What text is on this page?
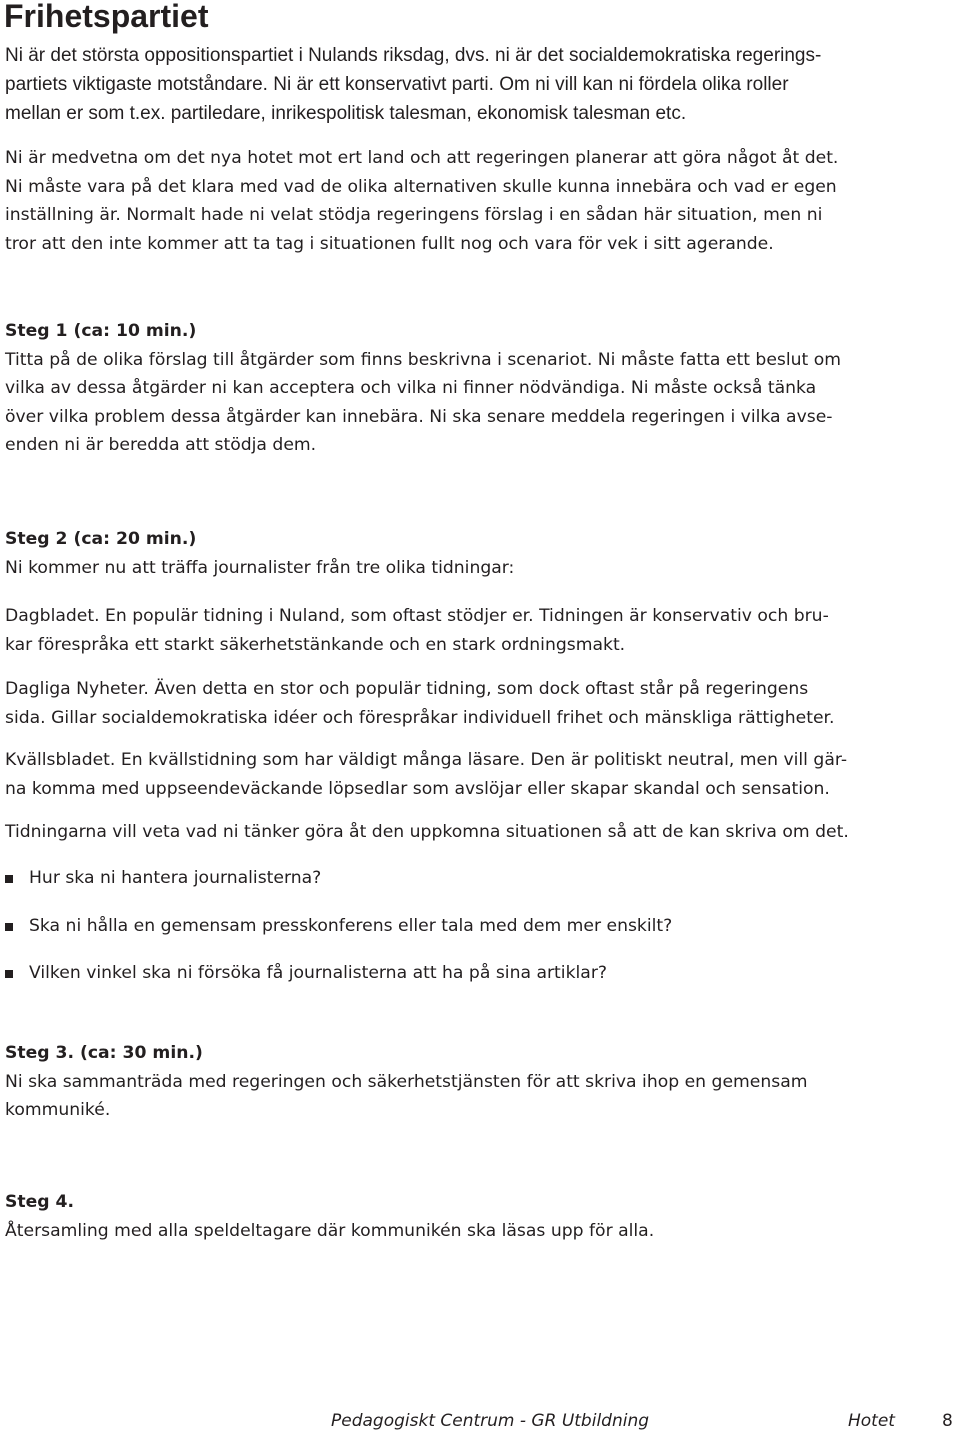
Frihetspartiet

Ni är det största oppositionspartiet i Nulands riksdag, dvs. ni är det socialdemokratiska regerings-
partiets viktigaste motståndare. Ni är ett konservativt parti. Om ni vill kan ni fördela olika roller
mellan er som t.ex. partiledare, inrikespolitisk talesman, ekonomisk talesman etc.

Ni är medvetna om det nya hotet mot ert land och att regeringen planerar att göra något åt det.
Ni måste vara på det klara med vad de olika alternativen skulle kunna innebära och vad er egen
inställning är. Normalt hade ni velat stödja regeringens förslag i en sådan här situation, men ni
tror att den inte kommer att ta tag i situationen fullt nog och vara för vek i sitt agerande.

Steg 1 (ca: 10 min.)
Titta på de olika förslag till åtgärder som finns beskrivna i scenariot. Ni måste fatta ett beslut om
vilka av dessa åtgärder ni kan acceptera och vilka ni finner nödvändiga. Ni måste också tänka
över vilka problem dessa åtgärder kan innebära. Ni ska senare meddela regeringen i vilka avse-
enden ni är beredda att stödja dem.

Steg 2 (ca: 20 min.)
Ni kommer nu att träffa journalister från tre olika tidningar:

Dagbladet. En populär tidning i Nuland, som oftast stödjer er. Tidningen är konservativ och bru-
kar förespråka ett starkt säkerhetstänkande och en stark ordningsmakt.

Dagliga Nyheter. Även detta en stor och populär tidning, som dock oftast står på regeringens
sida. Gillar socialdemokratiska idéer och förespråkar individuell frihet och mänskliga rättigheter.

Kvällsbladet. En kvällstidning som har väldigt många läsare. Den är politiskt neutral, men vill gär-
na komma med uppseendeväckande löpsedlar som avslöjar eller skapar skandal och sensation.

Tidningarna vill veta vad ni tänker göra åt den uppkomna situationen så att de kan skriva om det.

Hur ska ni hantera journalisterna?
Ska ni hålla en gemensam presskonferens eller tala med dem mer enskilt?
Vilken vinkel ska ni försöka få journalisterna att ha på sina artiklar?

Steg 3. (ca: 30 min.)
Ni ska sammanträda med regeringen och säkerhetstjänsten för att skriva ihop en gemensam
kommuniké.

Steg 4.
Återsamling med alla speldeltagare där kommunikén ska läsas upp för alla.

Pedagogiskt Centrum - GR Utbildning	Hotet	8
